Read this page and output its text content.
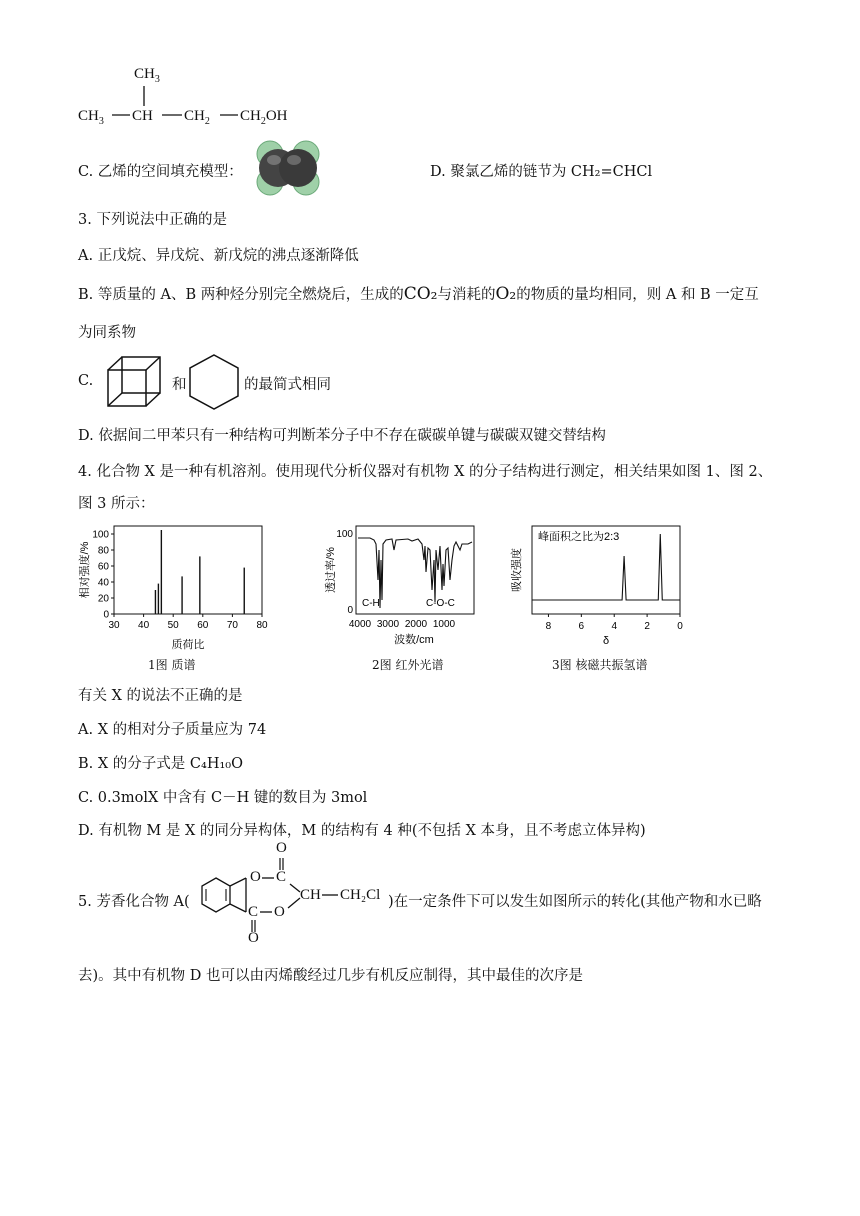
$CH_3$
$CH_3$ CH $CH_2$ $CH_2OH$
C. 乙烯的空间填充模型：	D. 聚氯乙烯的链节为 CH₂=CHCl
3. 下列说法中正确的是
A. 正戊烷、异戊烷、新戊烷的沸点逐渐降低
B. 等质量的 A、B 两种烃分别完全燃烧后，生成的CO₂与消耗的O₂的物质的量均相同，则 A 和 B 一定互
为同系物
C.	和	的最简式相同
D. 依据间二甲苯只有一种结构可判断苯分子中不存在碳碳单键与碳碳双键交替结构
4. 化合物 X 是一种有机溶剂。使用现代分析仪器对有机物 X 的分子结构进行测定，相关结果如图 1、图 2、
图 3 所示：
0
20
40
60
80
100
30 40 50 60 70 80
相对强度/%
质荷比
1图 质谱
100
0
4000 3000 2000 1000
C-H	C-O-C
透过率/%
波数/cm
2图 红外光谱
峰面积之比为2:3
8	6	4	2	0
吸收强度
δ
3图 核磁共振氢谱
有关 X 的说法不正确的是
A. X 的相对分子质量应为 74
B. X 的分子式是 C₄H₁₀O
C. 0.3molX 中含有 C－H 键的数目为 3mol
D. 有机物 M 是 X 的同分异构体，M 的结构有 4 种(不包括 X 本身，且不考虑立体异构)
5. 芳香化合物 A(
O
O C
C O
O
CH CH₂Cl )在一定条件下可以发生如图所示的转化(其他产物和水已略
去)。其中有机物 D 也可以由丙烯酸经过几步有机反应制得，其中最佳的次序是
